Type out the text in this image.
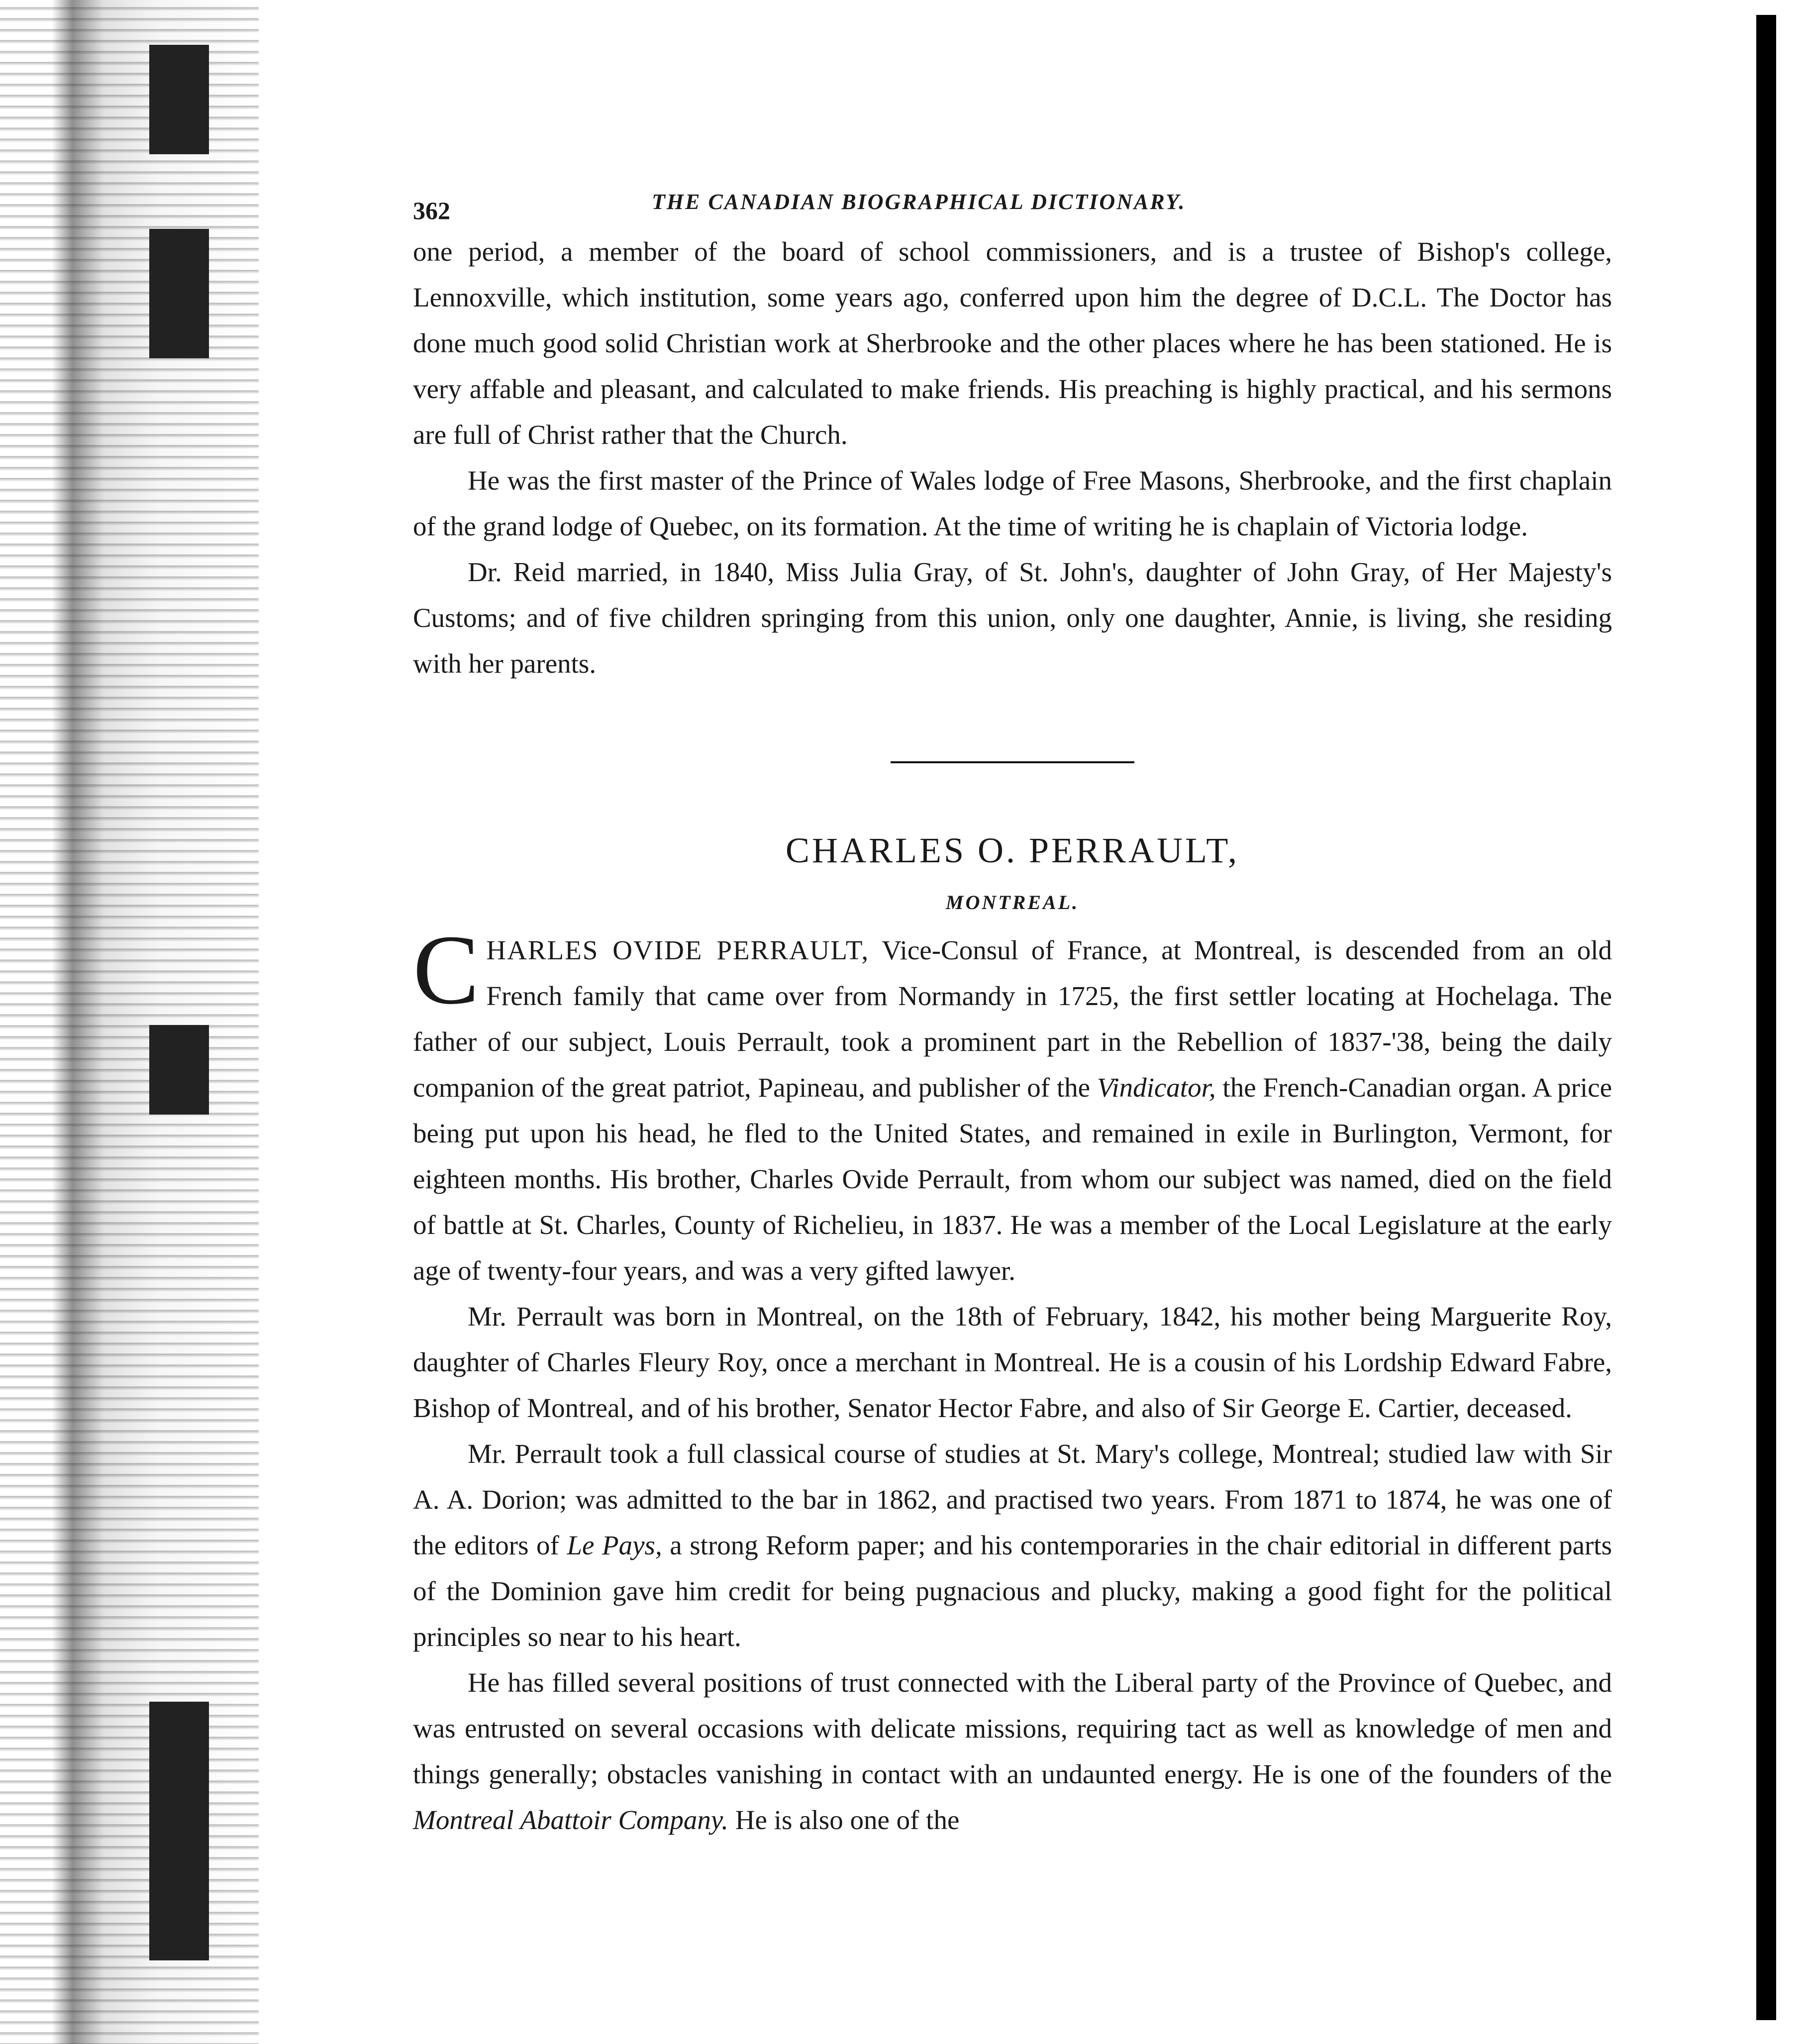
362	THE CANADIAN BIOGRAPHICAL DICTIONARY.

one period, a member of the board of school commissioners, and is a trustee of Bishop's college, Lennoxville, which institution, some years ago, conferred upon him the degree of D.C.L. The Doctor has done much good solid Christian work at Sherbrooke and the other places where he has been stationed. He is very affable and pleasant, and calculated to make friends. His preaching is highly practical, and his sermons are full of Christ rather that the Church.

He was the first master of the Prince of Wales lodge of Free Masons, Sherbrooke, and the first chaplain of the grand lodge of Quebec, on its formation. At the time of writing he is chaplain of Victoria lodge.

Dr. Reid married, in 1840, Miss Julia Gray, of St. John's, daughter of John Gray, of Her Majesty's Customs; and of five children springing from this union, only one daughter, Annie, is living, she residing with her parents.

CHARLES O. PERRAULT,
MONTREAL.

CHARLES OVIDE PERRAULT, Vice-Consul of France, at Montreal, is descended from an old French family that came over from Normandy in 1725, the first settler locating at Hochelaga. The father of our subject, Louis Perrault, took a prominent part in the Rebellion of 1837-'38, being the daily companion of the great patriot, Papineau, and publisher of the Vindicator, the French-Canadian organ. A price being put upon his head, he fled to the United States, and remained in exile in Burlington, Vermont, for eighteen months. His brother, Charles Ovide Perrault, from whom our subject was named, died on the field of battle at St. Charles, County of Richelieu, in 1837. He was a member of the Local Legislature at the early age of twenty-four years, and was a very gifted lawyer.

Mr. Perrault was born in Montreal, on the 18th of February, 1842, his mother being Marguerite Roy, daughter of Charles Fleury Roy, once a merchant in Montreal. He is a cousin of his Lordship Edward Fabre, Bishop of Montreal, and of his brother, Senator Hector Fabre, and also of Sir George E. Cartier, deceased.

Mr. Perrault took a full classical course of studies at St. Mary's college, Montreal; studied law with Sir A. A. Dorion; was admitted to the bar in 1862, and practised two years. From 1871 to 1874, he was one of the editors of Le Pays, a strong Reform paper; and his contemporaries in the chair editorial in different parts of the Dominion gave him credit for being pugnacious and plucky, making a good fight for the political principles so near to his heart.

He has filled several positions of trust connected with the Liberal party of the Province of Quebec, and was entrusted on several occasions with delicate missions, requiring tact as well as knowledge of men and things generally; obstacles vanishing in contact with an undaunted energy. He is one of the founders of the Montreal Abattoir Company. He is also one of the
